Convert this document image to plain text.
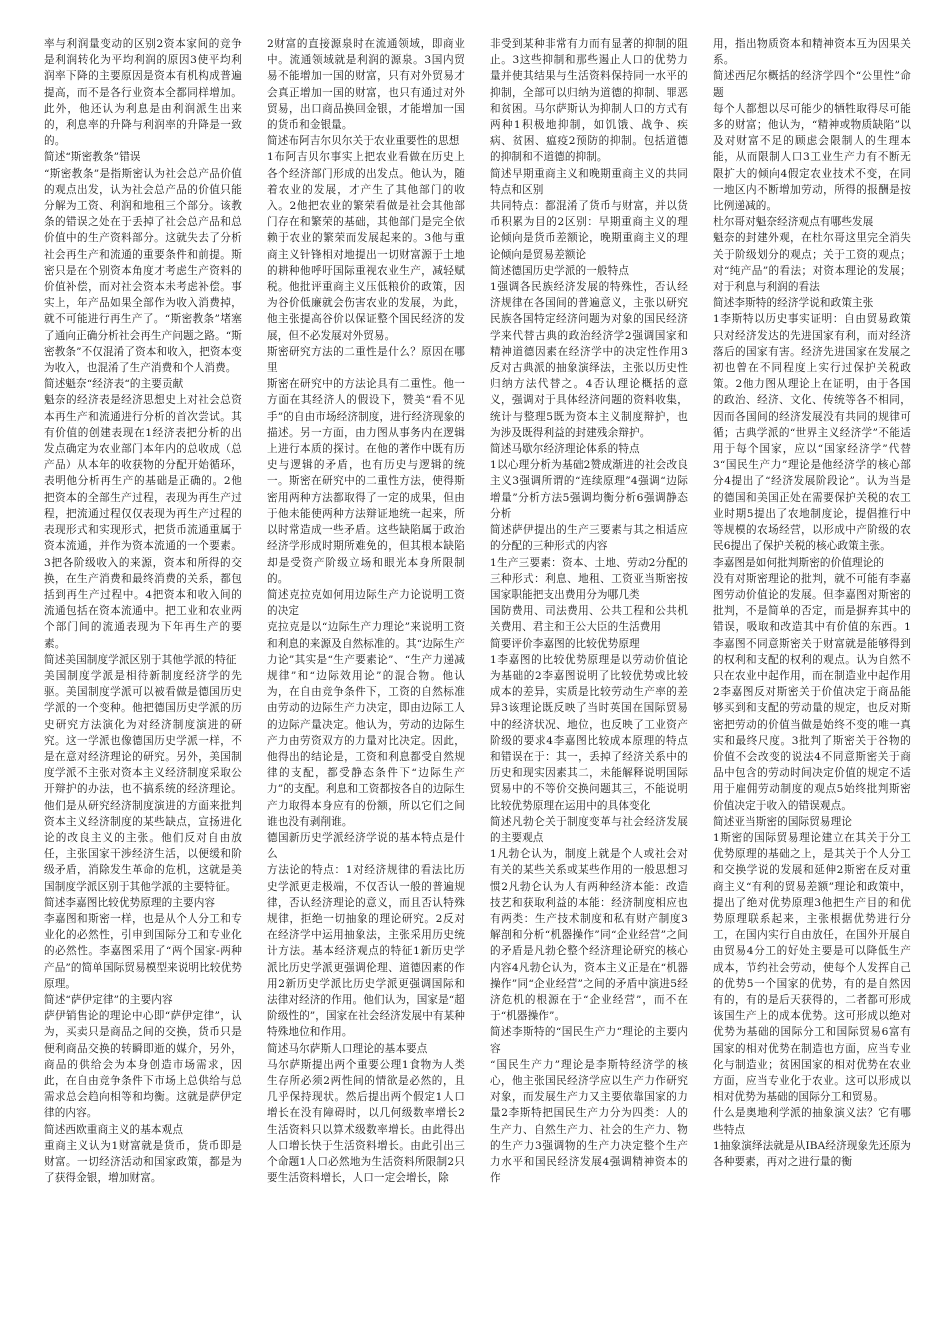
率与利润量变动的区别2资本家间的竞争是利润转化为平均利润的原因3使平均利润率下降的主要原因是资本有机构成普遍提高，而不是各行业资本全都同样增加。此外，他还认为利息是由利润派生出来的，利息率的升降与利润率的升降是一致的。

简述“斯密教条”错误

“斯密教条”是指斯密认为社会总产品价值的观点出发，认为社会总产品的价值只能分解为工资、利润和地租三个部分。该教条的错误之处在于丢掉了社会总产品和总价值中的生产资料部分。这就失去了分析社会再生产和流通的重要条件和前提。斯密只是在个别资本角度才考虑生产资料的价值补偿，而对社会资本未考虑补偿。事实上，年产品如果全部作为收入消费掉，就不可能进行再生产了。“斯密教条”堵塞了通向正确分析社会再生产问题之路。“斯密教条”不仅混淆了资本和收入，把资本变为收入，也混淆了生产消费和个人消费。

简述魁奈“经济表“的主要贡献

魁奈的经济表是经济思想史上对社会总资本再生产和流通进行分析的首次尝试。其有价值的创建表现在1经济表把分析的出发点确定为农业部门本年内的总收成（总产品）从本年的收获物的分配开始循环，表明他分析再生产的基础是正确的。2他把资本的全部生产过程，表现为再生产过程，把流通过程仅仅表现为再生产过程的表现形式和实现形式，把货币流通重属于资本流通，并作为资本流通的一个要素。3把各阶级收入的来源，资本和所得的交换，在生产消费和最终消费的关系，都包括到再生产过程中。4把资本和收入间的流通包括在资本流通中。把工业和农业两个部门间的流通表现为下年再生产的要素。

简述美国制度学派区别于其他学派的特征

美国制度学派是相待新制度经济学的先驱。美国制度学派可以被看做是德国历史学派的一个变种。他把德国历史学派的历史研究方法演化为对经济制度演进的研究。这一学派也像德国历史学派一样，不是在意对经济理论的研究。另外，美国制度学派不主张对资本主义经济制度采取公开辩护的办法，也不搞系统的经济理论。他们是从研究经济制度演进的方面来批判资本主义经济制度的某些缺点，宣扬进化论的改良主义的主张。他们反对自由放任，主张国家干涉经济生活，以便缓和阶级矛盾，消除发生革命的危机，这就是美国制度学派区别于其他学派的主要特征。

简述李嘉图比较优势原理的主要内容

李嘉图和斯密一样，也是从个人分工和专业化的必然性，引申到国际分工和专业化的必然性。李嘉图采用了“两个国家-两种产品”的简单国际贸易模型来说明比较优势原理。

简述“萨伊定律”的主要内容

萨伊销售论的理论中心即“萨伊定律”，认为，买卖只是商品之间的交换，货币只是便利商品交换的转瞬即逝的媒介，另外，商品的供给会为本身创造市场需求，因此，在自由竞争条件下市场上总供给与总需求总会趋向相等和均衡。这就是萨伊定律的内容。

简述西欧重商主义的基本观点

重商主义认为1财富就是货币，货币即是财富。一切经济活动和国家政策，都是为了获得金银，增加财富。

2财富的直接源泉时在流通领域，即商业中。流通领域就是利润的源泉。3国内贸易不能增加一国的财富，只有对外贸易才会真正增加一国的财富，也只有通过对外贸易，出口商品换回金银，才能增加一国的货币和金银量。

简述布阿吉尔贝尔关于农业重要性的思想

1布阿吉贝尔事实上把农业看做在历史上各个经济部门形成的出发点。他认为，随着农业的发展，才产生了其他部门的收入。2他把农业的繁荣看做是社会其他部门存在和繁荣的基础，其他部门是完全依赖于农业的繁荣而发展起来的。3他与重商主义针锋相对地提出一切财富源于土地的耕种他呼吁国际重视农业生产，减轻赋税。他批评重商主义压低粮价的政策，因为谷价低廉就会伤害农业的发展，为此，他主张提高谷价以保证整个国民经济的发展，但不必发展对外贸易。

斯密研究方法的二重性是什么？原因在哪里

斯密在研究中的方法论具有二重性。他一方面在其经济人的假设下，赞美“看不见手”的自由市场经济制度，进行经济现象的描述。另一方面，由力图从事务内在逻辑上进行本质的探讨。在他的著作中既有历史与逻辑的矛盾，也有历史与逻辑的统一。斯密在研究中的二重性方法，使得斯密用两种方法都取得了一定的成果，但由于他未能使两种方法辩证地统一起来，所以时常造成一些矛盾。这些缺陷属于政治经济学形成时期所难免的，但其根本缺陷却是受资产阶级立场和眼光本身所限制的。

简述克拉克如何用边际生产力论说明工资的决定

克拉克是以“边际生产力理论”来说明工资和利息的来源及自然标准的。其“边际生产力论”其实是“生产要素论”、“生产力递减规律”和“边际效用论”的混合物。他认为，在自由竞争条件下，工资的自然标准由劳动的边际生产力决定，即由边际工人的边际产量决定。他认为，劳动的边际生产力由劳资双方的力量对比决定。因此，他得出的结论是，工资和利息都受自然规律的支配，都受静态条件下“边际生产力”的支配。利息和工资都按各自的边际生产力取得本身应有的份额，所以它们之间谁也没有剥削谁。

德国新历史学派经济学说的基本特点是什么

方法论的特点：1对经济规律的看法比历史学派更走极端，不仅否认一般的普遍规律，否认经济理论的意义，而且否认特殊规律，拒绝一切抽象的理论研究。2反对在经济学中运用抽象法，主张采用历史统计方法。基本经济观点的特征1新历史学派比历史学派更强调伦理、道德因素的作用2新历史学派比历史学派更强调国际和法律对经济的作用。他们认为，国家是“超阶级性的”，国家在社会经济发展中有某种特殊地位和作用。

简述马尔萨斯人口理论的基本要点

马尔萨斯提出两个重要公理1食物为人类生存所必须2两性间的情欲是必然的，且几乎保持现状。然后提出两个假定1人口增长在没有障碍时，以几何级数率增长2生活资料只以算术级数率增长。由此得出人口增长快于生活资料增长。由此引出三个命题1人口必然地为生活资料所限制2只要生活资料增长，人口一定会增长，除

非受到某种非常有力而有显著的抑制的阻止。3这些抑制和那些遏止人口的优势力量并使其结果与生活资料保持同一水平的抑制，全部可以归纳为道德的抑制、罪恶和贫困。马尔萨斯认为抑制人口的方式有两种1积极地抑制，如饥饿、战争、疾病、贫困、瘟疫2预防的抑制。包括道德的抑制和不道德的抑制。

简述早期重商主义和晚期重商主义的共同特点和区别

共同特点：都混淆了货币与财富，并以货币积累为目的2区别：早期重商主义的理论倾向是货币差额论，晚期重商主义的理论倾向是贸易差额论

简述德国历史学派的一般特点

1强调各民族经济发展的特殊性，否认经济规律在各国间的普遍意义，主张以研究民族各国特定经济问题为对象的国民经济学来代替古典的政治经济学2强调国家和精神道德因素在经济学中的决定性作用3反对古典派的抽象演绎法，主张以历史性归纳方法代替之。4否认理论概括的意义，强调对于具体经济问题的资料收集，统计与整理5既为资本主义制度辩护，也为涉及既得利益的封建残余辩护。

简述马歇尔经济理论体系的特点

1以心理分析为基础2赞成渐进的社会改良主义3强调所谓的“连续原理”4强调“边际增量”分析方法5强调均衡分析6强调静态分析

简述萨伊提出的生产三要素与其之相适应的分配的三种形式的内容

1生产三要素：资本、土地、劳动2分配的三种形式：利息、地租、工资亚当斯密按国家职能把支出费用分为哪几类

国防费用、司法费用、公共工程和公共机关费用、君主和王公大臣的生活费用

简要评价李嘉图的比较优势原理

1李嘉图的比较优势原理是以劳动价值论为基础的2李嘉图说明了比较优势或比较成本的差异，实质是比较劳动生产率的差异3该理论既反映了当时英国在国际贸易中的经济状况、地位，也反映了工业资产阶级的要求4李嘉图比较成本原理的特点和错误在于：其一，丢掉了经济关系中的历史和现实因素其二，未能解释说明国际贸易中的不等价交换问题其三，不能说明比较优势原理在运用中的具体变化

简述凡勃仑关于制度变革与社会经济发展的主要观点

1凡勃仑认为，制度上就是个人或社会对有关的某些关系或某些作用的一般思想习惯2凡勃仑认为人有两种经济本能：改造技艺和获取利益的本能：经济制度相应也有两类：生产技术制度和私有财产制度3解剖和分析“机器操作”同“企业经营”之间的矛盾是凡勃仑整个经济理论研究的核心内容4凡勃仑认为，资本主义正是在“机器操作”同“企业经营”之间的矛盾中演进5经济危机的根源在于“企业经营”，而不在于“机器操作”。

简述李斯特的“国民生产力“理论的主要内容

“国民生产力”理论是李斯特经济学的核心，他主张国民经济学应以生产力作研究对象，而发展生产力又主要依靠国家的力量2李斯特把国民生产力分为四类：人的生产力、自然生产力、社会的生产力、物的生产力3强调物的生产力决定整个生产力水平和国民经济发展4强调精神资本的作

用，指出物质资本和精神资本互为因果关系。

简述西尼尔概括的经济学四个“公里性”命题

每个人都想以尽可能少的牺牲取得尽可能多的财富；他认为，“精神或物质缺陷”以及对财富不足的顾虑会限制人的生理本能，从而限制人口3工业生产力有不断无限扩大的倾向4假定农业技术不变，在同一地区内不断增加劳动，所得的报酬是按比例递减的。

杜尔哥对魁奈经济观点有哪些发展

魁奈的封建外观，在杜尔哥这里完全消失关于阶级划分的观点；关于工资的观点；对“纯产品”的看法；对资本理论的发展；对于利息与利润的看法

简述李斯特的经济学说和政策主张

1李斯特以历史事实证明：自由贸易政策只对经济发达的先进国家有利，而对经济落后的国家有害。经济先进国家在发展之初也曾在不同程度上实行过保护关税政策。2他力图从理论上在证明，由于各国的政治、经济、文化、传统等各不相同，因而各国间的经济发展没有共同的规律可循；古典学派的“世界主义经济学”不能适用于每个国家，应以“国家经济学”代替3“国民生产力”理论是他经济学的核心部分4提出了“经济发展阶段论”。认为当是的德国和美国正处在需要保护关税的农工业时期5提出了农地制度论，提倡推行中等规模的农场经营，以形成中产阶级的农民6提出了保护关税的核心政策主张。

李嘉图是如何批判斯密的价值理论的

没有对斯密理论的批判，就不可能有李嘉图劳动价值论的发展。但李嘉图对斯密的批判，不是简单的否定，而是摒弃其中的错误，吸取和改造其中有价值的东西。1李嘉图不同意斯密关于财富就是能够得到的权利和支配的权利的观点。认为自然不只在农业中起作用，而在制造业中起作用2李嘉图反对斯密关于价值决定于商品能够买到和支配的劳动量的规定，也反对斯密把劳动的价值当做是始终不变的唯一真实和最终尺度。3批判了斯密关于谷物的价值不会改变的说法4不同意斯密关于商品中包含的劳动时间决定价值的规定不适用于雇佣劳动制度的观点5始终批判斯密价值决定于收入的错误观点。

简述亚当斯密的国际贸易理论

1斯密的国际贸易理论建立在其关于分工优势原理的基础之上，是其关于个人分工和交换学说的发展和延伸2斯密在反对重商主义“有利的贸易差额”理论和政策中，提出了绝对优势原理3他把生产目的和优势原理联系起来，主张根据优势进行分工，在国内实行自由放任，在国外开展自由贸易4分工的好处主要是可以降低生产成本，节约社会劳动，使每个人发挥自己的优势5一个国家的优势，有的是自然因有的，有的是后天获得的，二者都可形成该国生产上的成本优势。这可形成以绝对优势为基础的国际分工和国际贸易6富有国家的相对优势在制造也方面，应当专业化与制造业；贫困国家的相对优势在农业方面，应当专业化于农业。这可以形成以相对优势为基础的国际分工和贸易。

什么是奥地利学派的抽象演义法？它有哪些特点

1抽象演绎法就是从IBA经济现象先还原为各种要素，再对之进行量的衡
